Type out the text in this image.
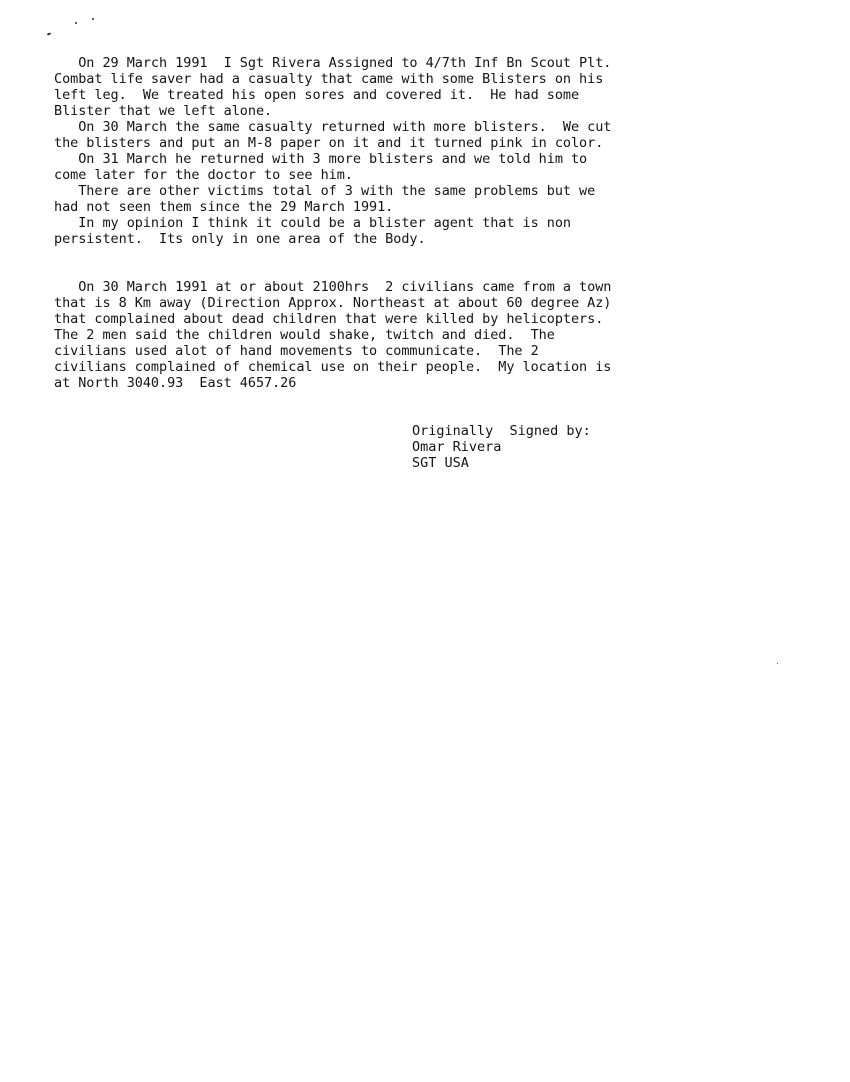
On 29 March 1991  I Sgt Rivera Assigned to 4/7th Inf Bn Scout Plt.
Combat life saver had a casualty that came with some Blisters on his
left leg.  We treated his open sores and covered it.  He had some
Blister that we left alone.
On 30 March the same casualty returned with more blisters.  We cut
the blisters and put an M-8 paper on it and it turned pink in color.
On 31 March he returned with 3 more blisters and we told him to
come later for the doctor to see him.
There are other victims total of 3 with the same problems but we
had not seen them since the 29 March 1991.
In my opinion I think it could be a blister agent that is non
persistent.  Its only in one area of the Body.
On 30 March 1991 at or about 2100hrs  2 civilians came from a town
that is 8 Km away (Direction Approx. Northeast at about 60 degree Az)
that complained about dead children that were killed by helicopters.
The 2 men said the children would shake, twitch and died.  The
civilians used alot of hand movements to communicate.  The 2
civilians complained of chemical use on their people.  My location is
at North 3040.93  East 4657.26
Originally  Signed by:
Omar Rivera
SGT USA
